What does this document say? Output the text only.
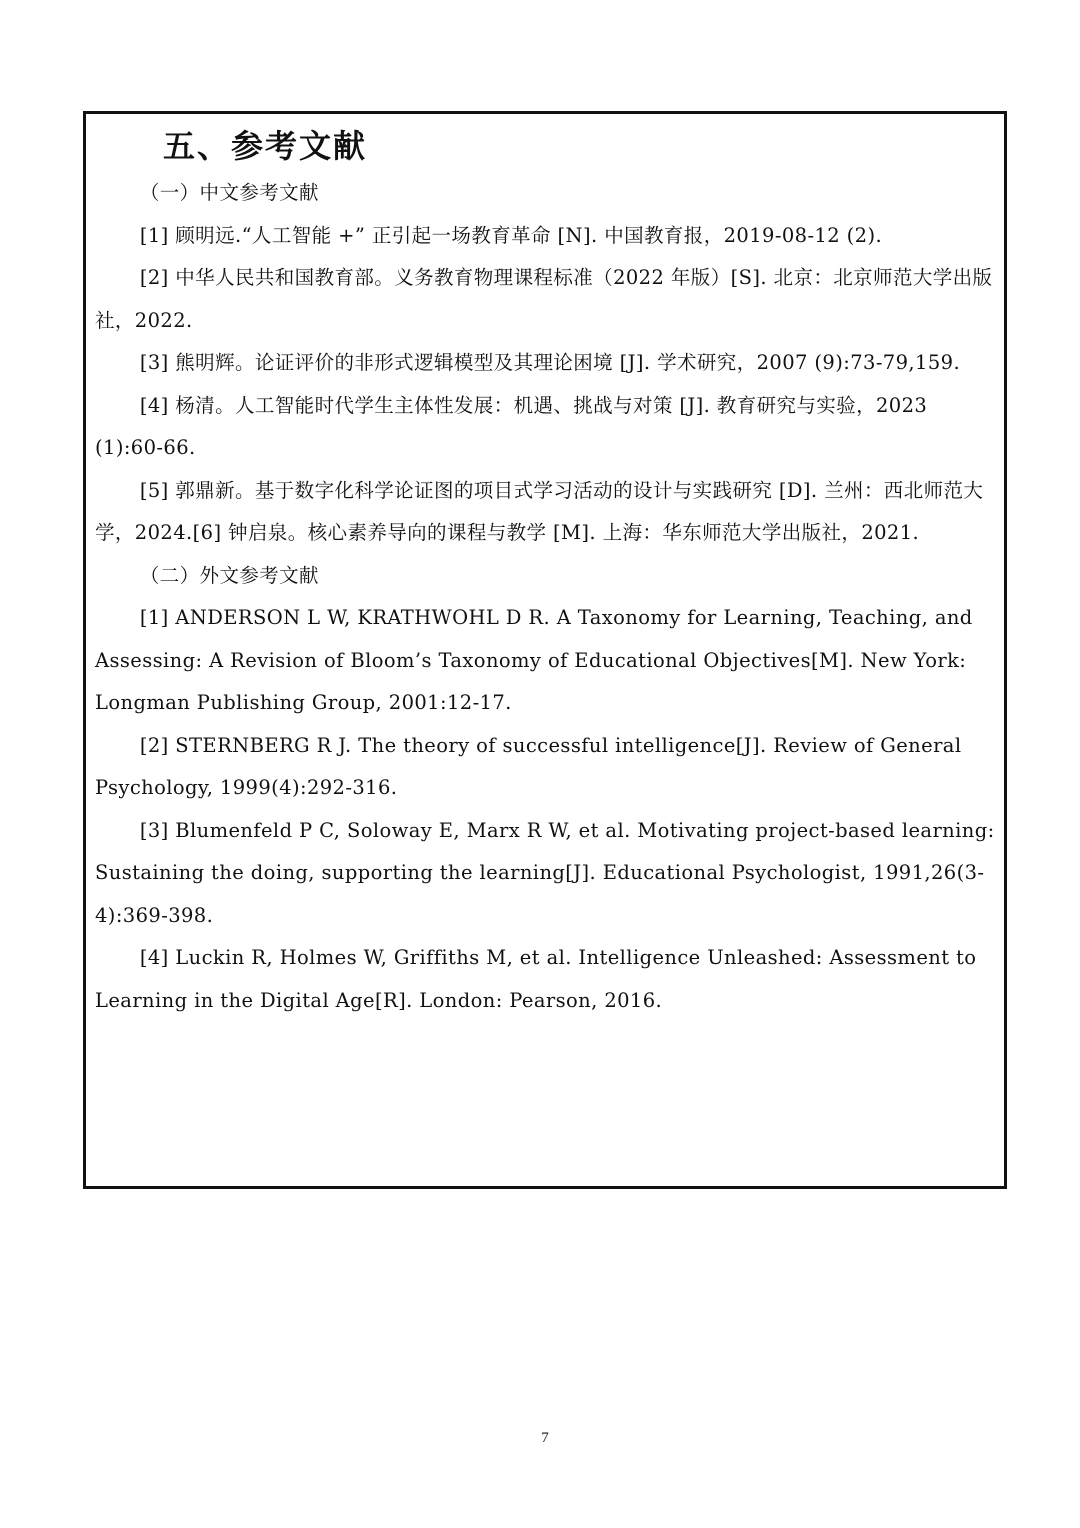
五、参考文献

（一）中文参考文献

[1] 顾明远.“人工智能 +” 正引起一场教育革命 [N]. 中国教育报，2019-08-12 (2).

[2] 中华人民共和国教育部。义务教育物理课程标准（2022 年版）[S]. 北京：北京师范大学出版社，2022.

[3] 熊明辉。论证评价的非形式逻辑模型及其理论困境 [J]. 学术研究，2007 (9):73-79,159.

[4] 杨清。人工智能时代学生主体性发展：机遇、挑战与对策 [J]. 教育研究与实验，2023 (1):60-66.

[5] 郭鼎新。基于数字化科学论证图的项目式学习活动的设计与实践研究 [D]. 兰州：西北师范大学，2024.[6] 钟启泉。核心素养导向的课程与教学 [M]. 上海：华东师范大学出版社，2021.

（二）外文参考文献

[1] ANDERSON L W, KRATHWOHL D R. A Taxonomy for Learning, Teaching, and Assessing: A Revision of Bloom’s Taxonomy of Educational Objectives[M]. New York: Longman Publishing Group, 2001:12-17.

[2] STERNBERG R J. The theory of successful intelligence[J]. Review of General Psychology, 1999(4):292-316.

[3] Blumenfeld P C, Soloway E, Marx R W, et al. Motivating project-based learning: Sustaining the doing, supporting the learning[J]. Educational Psychologist, 1991,26(3-4):369-398.

[4] Luckin R, Holmes W, Griffiths M, et al. Intelligence Unleashed: Assessment to Learning in the Digital Age[R]. London: Pearson, 2016.

7
